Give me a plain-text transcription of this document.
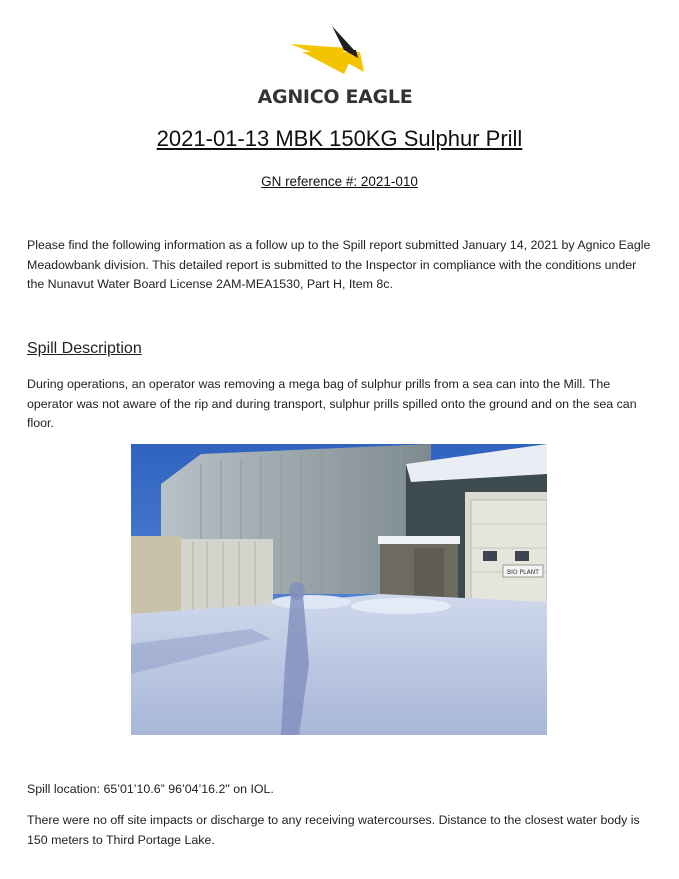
AGNICO EAGLE
2021-01-13 MBK 150KG Sulphur Prill
GN reference #: 2021-010
Please find the following information as a follow up to the Spill report submitted January 14, 2021 by Agnico Eagle Meadowbank division. This detailed report is submitted to the Inspector in compliance with the conditions under the Nunavut Water Board License 2AM-MEA1530, Part H, Item 8c.
Spill Description
During operations, an operator was removing a mega bag of sulphur prills from a sea can into the Mill. The operator was not aware of the rip and during transport, sulphur prills spilled onto the ground and on the sea can floor.
BIO PLANT
Spill location: 65’01’10.6” 96’04’16.2" on IOL.
There were no off site impacts or discharge to any receiving watercourses. Distance to the closest water body is 150 meters to Third Portage Lake.
